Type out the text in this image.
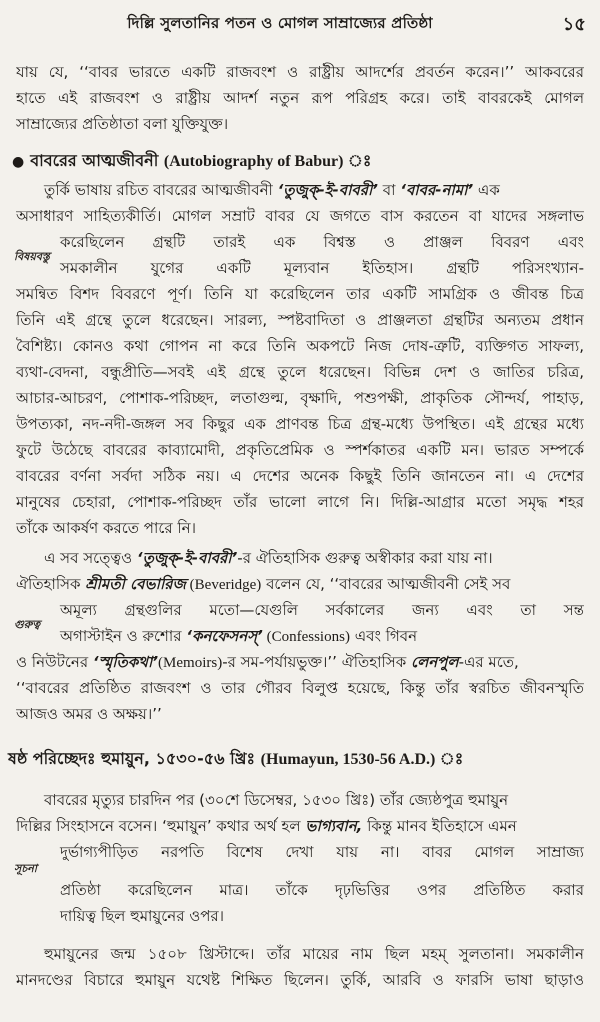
দিল্লি সুলতানির পতন ও মোগল সাম্রাজ্যের প্রতিষ্ঠা	১৫
যায় যে, ‘‘বাবর ভারতে একটি রাজবংশ ও রাষ্ট্রীয় আদর্শের প্রবর্তন করেন।’’ আকবরের
হাতে এই রাজবংশ ও রাষ্ট্রীয় আদর্শ নতুন রূপ পরিগ্রহ করে। তাই বাবরকেই মোগল
সাম্রাজ্যের প্রতিষ্ঠাতা বলা যুক্তিযুক্ত।
● বাবরের আত্মজীবনী (Autobiography of Babur)
তুর্কি ভাষায় রচিত বাবরের আত্মজীবনী ‘তুজুক্-ই-বাবরী’ বা ‘বাবর-নামা’ এক
অসাধারণ সাহিত্যকীর্তি। মোগল সম্রাট বাবর যে জগতে বাস করতেন বা যাদের সঙ্গলাভ
করেছিলেন গ্রন্থটি তারই এক বিশ্বস্ত ও প্রাঞ্জল বিবরণ এবং
বিষয়বস্তু
সমকালীন যুগের একটি মূল্যবান ইতিহাস। গ্রন্থটি পরিসংখ্যান-
সমন্বিত বিশদ বিবরণে পূর্ণ। তিনি যা করেছিলেন তার একটি সামগ্রিক ও জীবন্ত চিত্র
তিনি এই গ্রন্থে তুলে ধরেছেন। সারল্য, স্পষ্টবাদিতা ও প্রাঞ্জলতা গ্রন্থটির অন্যতম প্রধান
বৈশিষ্ট্য। কোনও কথা গোপন না করে তিনি অকপটে নিজ দোষ-ত্রুটি, ব্যক্তিগত সাফল্য,
ব্যথা-বেদনা, বন্ধুপ্রীতি—সবই এই গ্রন্থে তুলে ধরেছেন। বিভিন্ন দেশ ও জাতির চরিত্র,
আচার-আচরণ, পোশাক-পরিচ্ছদ, লতাগুল্ম, বৃক্ষাদি, পশুপক্ষী, প্রাকৃতিক সৌন্দর্য, পাহাড়,
উপত্যকা, নদ-নদী-জঙ্গল সব কিছুর এক প্রাণবন্ত চিত্র গ্রন্থ-মধ্যে উপস্থিত। এই গ্রন্থের মধ্যে
ফুটে উঠেছে বাবরের কাব্যামোদী, প্রকৃতিপ্রেমিক ও স্পর্শকাতর একটি মন। ভারত সম্পর্কে
বাবরের বর্ণনা সর্বদা সঠিক নয়। এ দেশের অনেক কিছুই তিনি জানতেন না। এ দেশের
মানুষের চেহারা, পোশাক-পরিচ্ছদ তাঁর ভালো লাগে নি। দিল্লি-আগ্রার মতো সমৃদ্ধ শহর
তাঁকে আকর্ষণ করতে পারে নি।
এ সব সত্ত্বেও ‘তুজুক্-ই-বাবরী’-র ঐতিহাসিক গুরুত্ব অস্বীকার করা যায় না।
ঐতিহাসিক শ্রীমতী বেভারিজ (Beveridge) বলেন যে, ‘‘বাবরের আত্মজীবনী সেই সব
অমূল্য গ্রন্থগুলির মতো—যেগুলি সর্বকালের জন্য এবং তা সন্ত
গুরুত্ব
অগাস্টাইন ও রুশোর ‘কনফেসনস্’ (Confessions) এবং গিবন
ও নিউটনের ‘স্মৃতিকথা’(Memoirs)-র সম-পর্যায়ভুক্ত।’’ ঐতিহাসিক লেনপুল-এর মতে,
‘‘বাবরের প্রতিষ্ঠিত রাজবংশ ও তার গৌরব বিলুপ্ত হয়েছে, কিন্তু তাঁর স্বরচিত জীবনস্মৃতি
আজও অমর ও অক্ষয়।’’
ষষ্ঠ পরিচ্ছেদঃ হুমায়ুন, ১৫৩০-৫৬ খ্রিঃ (Humayun, 1530-56 A.D.)
বাবরের মৃত্যুর চারদিন পর (৩০শে ডিসেম্বর, ১৫৩০ খ্রিঃ) তাঁর জ্যেষ্ঠপুত্র হুমায়ুন
দিল্লির সিংহাসনে বসেন। ‘হুমায়ুন’ কথার অর্থ হল ভাগ্যবান, কিন্তু মানব ইতিহাসে এমন
দুর্ভাগ্যপীড়িত নরপতি বিশেষ দেখা যায় না। বাবর মোগল সাম্রাজ্য
সূচনা
প্রতিষ্ঠা করেছিলেন মাত্র। তাঁকে দৃঢ়ভিত্তির ওপর প্রতিষ্ঠিত করার
দায়িত্ব ছিল হুমায়ুনের ওপর।
হুমায়ুনের জন্ম ১৫০৮ খ্রিস্টাব্দে। তাঁর মায়ের নাম ছিল মহম্ সুলতানা। সমকালীন
মানদণ্ডের বিচারে হুমায়ুন যথেষ্ট শিক্ষিত ছিলেন। তুর্কি, আরবি ও ফারসি ভাষা ছাড়াও
